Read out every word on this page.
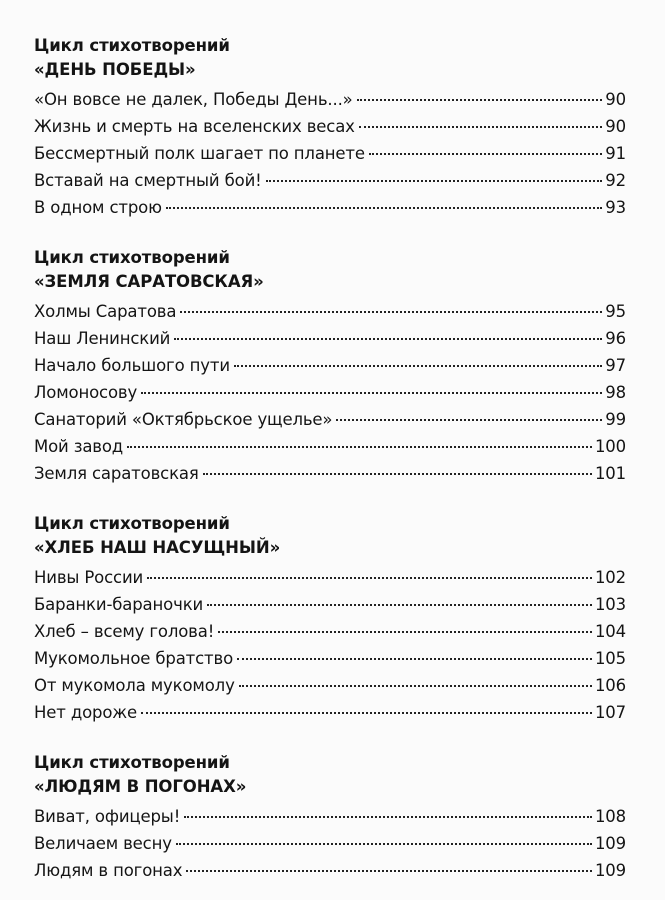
Цикл стихотворений
«ДЕНЬ ПОБЕДЫ»
«Он вовсе не далек, Победы День...»	90
Жизнь и смерть на вселенских весах	90
Бессмертный полк шагает по планете	91
Вставай на смертный бой!	92
В одном строю	93
Цикл стихотворений
«ЗЕМЛЯ САРАТОВСКАЯ»
Холмы Саратова	95
Наш Ленинский	96
Начало большого пути	97
Ломоносову	98
Санаторий «Октябрьское ущелье»	99
Мой завод	100
Земля саратовская	101
Цикл стихотворений
«ХЛЕБ НАШ НАСУЩНЫЙ»
Нивы России	102
Баранки-бараночки	103
Хлеб – всему голова!	104
Мукомольное братство	105
От мукомола мукомолу	106
Нет дороже	107
Цикл стихотворений
«ЛЮДЯМ В ПОГОНАХ»
Виват, офицеры!	108
Величаем весну	109
Людям в погонах	109
